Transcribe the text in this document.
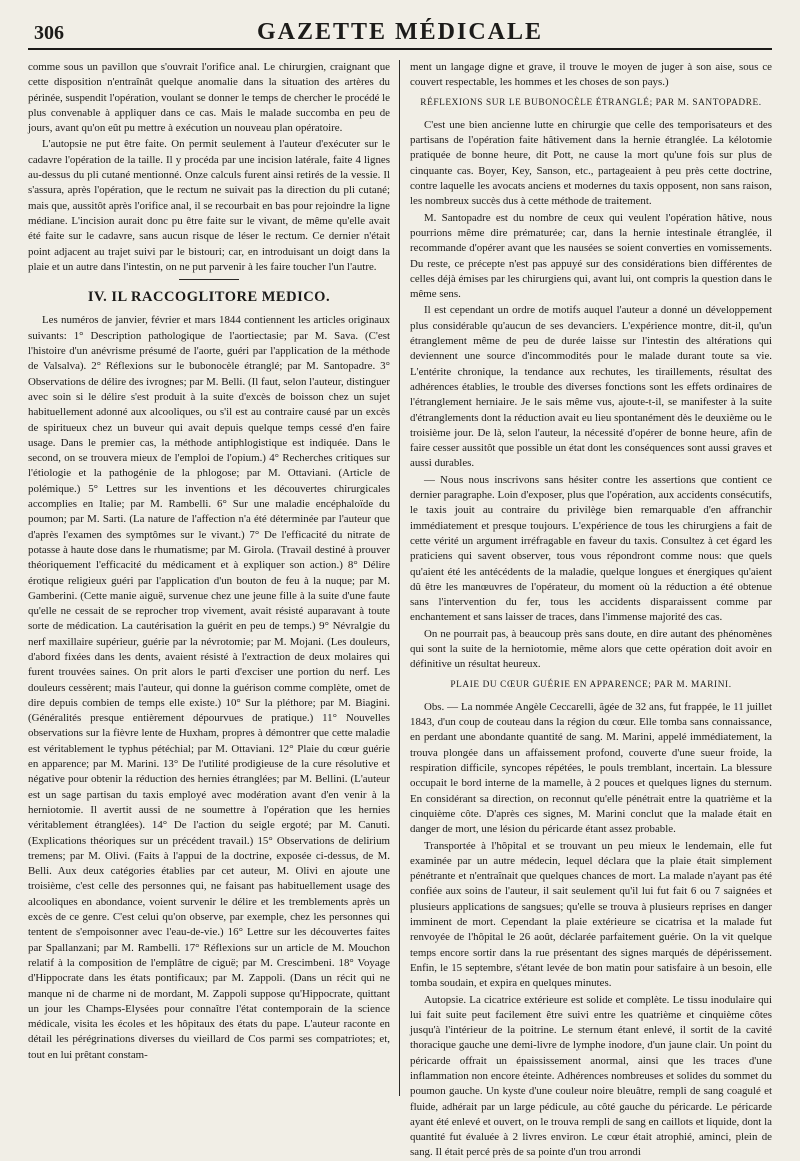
306	GAZETTE MÉDICALE

comme sous un pavillon que s'ouvrait l'orifice anal. Le chirurgien, craignant que cette disposition n'entraînât quelque anomalie dans la situation des artères du périnée, suspendit l'opération, voulant se donner le temps de chercher le procédé le plus convenable à appliquer dans ce cas. Mais le malade succomba en peu de jours, avant qu'on eût pu mettre à exécution un nouveau plan opératoire.

L'autopsie ne put être faite. On permit seulement à l'auteur d'exécuter sur le cadavre l'opération de la taille. Il y procéda par une incision latérale, faite 4 lignes au-dessus du pli cutané mentionné. Onze calculs furent ainsi retirés de la vessie. Il s'assura, après l'opération, que le rectum ne suivait pas la direction du pli cutané; mais que, aussitôt après l'orifice anal, il se recourbait en bas pour rejoindre la ligne médiane. L'incision aurait donc pu être faite sur le vivant, de même qu'elle avait été faite sur le cadavre, sans aucun risque de léser le rectum. Ce dernier n'était point adjacent au trajet suivi par le bistouri; car, en introduisant un doigt dans la plaie et un autre dans l'intestin, on ne put parvenir à les faire toucher l'un l'autre.

IV. IL RACCOGLITORE MEDICO.

Les numéros de janvier, février et mars 1844 contiennent les articles originaux suivants: 1° Description pathologique de l'aortiectasie; par M. Sava. (C'est l'histoire d'un anévrisme présumé de l'aorte, guéri par l'application de la méthode de Valsalva). 2° Réflexions sur le bubonocèle étranglé; par M. Santopadre. 3° Observations de délire des ivrognes; par M. Belli. (Il faut, selon l'auteur, distinguer avec soin si le délire s'est produit à la suite d'excès de boisson chez un sujet habituellement adonné aux alcooliques, ou s'il est au contraire causé par un excès de spiritueux chez un buveur qui avait depuis quelque temps cessé d'en faire usage. Dans le premier cas, la méthode antiphlogistique est indiquée. Dans le second, on se trouvera mieux de l'emploi de l'opium.) 4° Recherches critiques sur l'étiologie et la pathogénie de la phlogose; par M. Ottaviani. (Article de polémique.) 5° Lettres sur les inventions et les découvertes chirurgicales accomplies en Italie; par M. Rambelli. 6° Sur une maladie encéphaloïde du poumon; par M. Sarti. (La nature de l'affection n'a été déterminée par l'auteur que d'après l'examen des symptômes sur le vivant.) 7° De l'efficacité du nitrate de potasse à haute dose dans le rhumatisme; par M. Girola. (Travail destiné à prouver théoriquement l'efficacité du médicament et à expliquer son action.) 8° Délire érotique religieux guéri par l'application d'un bouton de feu à la nuque; par M. Gamberini. (Cette manie aiguë, survenue chez une jeune fille à la suite d'une faute qu'elle ne cessait de se reprocher trop vivement, avait résisté auparavant à toute sorte de médication. La cautérisation la guérit en peu de temps.) 9° Névralgie du nerf maxillaire supérieur, guérie par la névrotomie; par M. Mojani. (Les douleurs, d'abord fixées dans les dents, avaient résisté à l'extraction de deux molaires qui furent trouvées saines. On prit alors le parti d'exciser une portion du nerf. Les douleurs cessèrent; mais l'auteur, qui donne la guérison comme complète, omet de dire depuis combien de temps elle existe.) 10° Sur la pléthore; par M. Biagini. (Généralités presque entièrement dépourvues de pratique.) 11° Nouvelles observations sur la fièvre lente de Huxham, propres à démontrer que cette maladie est véritablement le typhus pétéchial; par M. Ottaviani. 12° Plaie du cœur guérie en apparence; par M. Marini. 13° De l'utilité prodigieuse de la cure résolutive et négative pour obtenir la réduction des hernies étranglées; par M. Bellini. (L'auteur est un sage partisan du taxis employé avec modération avant d'en venir à la herniotomie. Il avertit aussi de ne soumettre à l'opération que les hernies véritablement étranglées). 14° De l'action du seigle ergoté; par M. Canuti. (Explications théoriques sur un précédent travail.) 15° Observations de delirium tremens; par M. Olivi. (Faits à l'appui de la doctrine, exposée ci-dessus, de M. Belli. Aux deux catégories établies par cet auteur, M. Olivi en ajoute une troisième, c'est celle des personnes qui, ne faisant pas habituellement usage des alcooliques en abondance, voient survenir le délire et les tremblements après un excès de ce genre. C'est celui qu'on observe, par exemple, chez les personnes qui tentent de s'empoisonner avec l'eau-de-vie.) 16° Lettre sur les découvertes faites par Spallanzani; par M. Rambelli. 17° Réflexions sur un article de M. Mouchon relatif à la composition de l'emplâtre de ciguë; par M. Crescimbeni. 18° Voyage d'Hippocrate dans les états pontificaux; par M. Zappoli. (Dans un récit qui ne manque ni de charme ni de mordant, M. Zappoli suppose qu'Hippocrate, quittant un jour les Champs-Elysées pour connaître l'état contemporain de la science médicale, visita les écoles et les hôpitaux des états du pape. L'auteur raconte en détail les pérégrinations diverses du vieillard de Cos parmi ses compatriotes; et, tout en lui prêtant constam-

ment un langage digne et grave, il trouve le moyen de juger à son aise, sous ce couvert respectable, les hommes et les choses de son pays.)

RÉFLEXIONS SUR LE BUBONOCÈLE ÉTRANGLÉ; PAR M. SANTOPADRE.

C'est une bien ancienne lutte en chirurgie que celle des temporisateurs et des partisans de l'opération faite hâtivement dans la hernie étranglée. La kélotomie pratiquée de bonne heure, dit Pott, ne cause la mort qu'une fois sur plus de cinquante cas. Boyer, Key, Sanson, etc., partageaient à peu près cette doctrine, contre laquelle les avocats anciens et modernes du taxis opposent, non sans raison, les nombreux succès dus à cette méthode de traitement.

M. Santopadre est du nombre de ceux qui veulent l'opération hâtive, nous pourrions même dire prématurée; car, dans la hernie intestinale étranglée, il recommande d'opérer avant que les nausées se soient converties en vomissements. Du reste, ce précepte n'est pas appuyé sur des considérations bien différentes de celles déjà émises par les chirurgiens qui, avant lui, ont compris la question dans le même sens.

Il est cependant un ordre de motifs auquel l'auteur a donné un développement plus considérable qu'aucun de ses devanciers. L'expérience montre, dit-il, qu'un étranglement même de peu de durée laisse sur l'intestin des altérations qui deviennent une source d'incommodités pour le malade durant toute sa vie. L'entérite chronique, la tendance aux rechutes, les tiraillements, résultat des adhérences établies, le trouble des diverses fonctions sont les effets ordinaires de l'étranglement herniaire. Je le sais même vus, ajoute-t-il, se manifester à la suite d'étranglements dont la réduction avait eu lieu spontanément dès le deuxième ou le troisième jour. De là, selon l'auteur, la nécessité d'opérer de bonne heure, afin de faire cesser aussitôt que possible un état dont les conséquences sont aussi graves et aussi durables.

— Nous nous inscrivons sans hésiter contre les assertions que contient ce dernier paragraphe. Loin d'exposer, plus que l'opération, aux accidents consécutifs, le taxis jouit au contraire du privilège bien remarquable d'en affranchir immédiatement et presque toujours. L'expérience de tous les chirurgiens a fait de cette vérité un argument irréfragable en faveur du taxis. Consultez à cet égard les praticiens qui savent observer, tous vous répondront comme nous: que quels qu'aient été les antécédents de la maladie, quelque longues et énergiques qu'aient dû être les manœuvres de l'opérateur, du moment où la réduction a été obtenue sans l'intervention du fer, tous les accidents disparaissent comme par enchantement et sans laisser de traces, dans l'immense majorité des cas.

On ne pourrait pas, à beaucoup près sans doute, en dire autant des phénomènes qui sont la suite de la herniotomie, même alors que cette opération doit avoir en définitive un résultat heureux.

PLAIE DU CŒUR GUÉRIE EN APPARENCE; PAR M. MARINI.

Obs. — La nommée Angèle Ceccarelli, âgée de 32 ans, fut frappée, le 11 juillet 1843, d'un coup de couteau dans la région du cœur. Elle tomba sans connaissance, en perdant une abondante quantité de sang. M. Marini, appelé immédiatement, la trouva plongée dans un affaissement profond, couverte d'une sueur froide, la respiration difficile, syncopes répétées, le pouls tremblant, incertain. La blessure occupait le bord interne de la mamelle, à 2 pouces et quelques lignes du sternum. En considérant sa direction, on reconnut qu'elle pénétrait entre la quatrième et la cinquième côte. D'après ces signes, M. Marini conclut que la malade était en danger de mort, une lésion du péricarde étant assez probable.

Transportée à l'hôpital et se trouvant un peu mieux le lendemain, elle fut examinée par un autre médecin, lequel déclara que la plaie était simplement pénétrante et n'entraînait que quelques chances de mort. La malade n'ayant pas été confiée aux soins de l'auteur, il sait seulement qu'il lui fut fait 6 ou 7 saignées et plusieurs applications de sangsues; qu'elle se trouva à plusieurs reprises en danger imminent de mort. Cependant la plaie extérieure se cicatrisa et la malade fut renvoyée de l'hôpital le 26 août, déclarée parfaitement guérie. On la vit quelque temps encore sortir dans la rue présentant des signes marqués de dépérissement. Enfin, le 15 septembre, s'étant levée de bon matin pour satisfaire à un besoin, elle tomba soudain, et expira en quelques minutes.

Autopsie. La cicatrice extérieure est solide et complète. Le tissu inodulaire qui lui fait suite peut facilement être suivi entre les quatrième et cinquième côtes jusqu'à l'intérieur de la poitrine. Le sternum étant enlevé, il sortit de la cavité thoracique gauche une demi-livre de lymphe inodore, d'un jaune clair. Un point du péricarde offrait un épaississement anormal, ainsi que les traces d'une inflammation non encore éteinte. Adhérences nombreuses et solides du sommet du poumon gauche. Un kyste d'une couleur noire bleuâtre, rempli de sang coagulé et fluide, adhérait par un large pédicule, au côté gauche du péricarde. Le péricarde ayant été enlevé et ouvert, on le trouva rempli de sang en caillots et liquide, dont la quantité fut évaluée à 2 livres environ. Le cœur était atrophié, aminci, plein de sang. Il était percé près de sa pointe d'un trou arrondi
